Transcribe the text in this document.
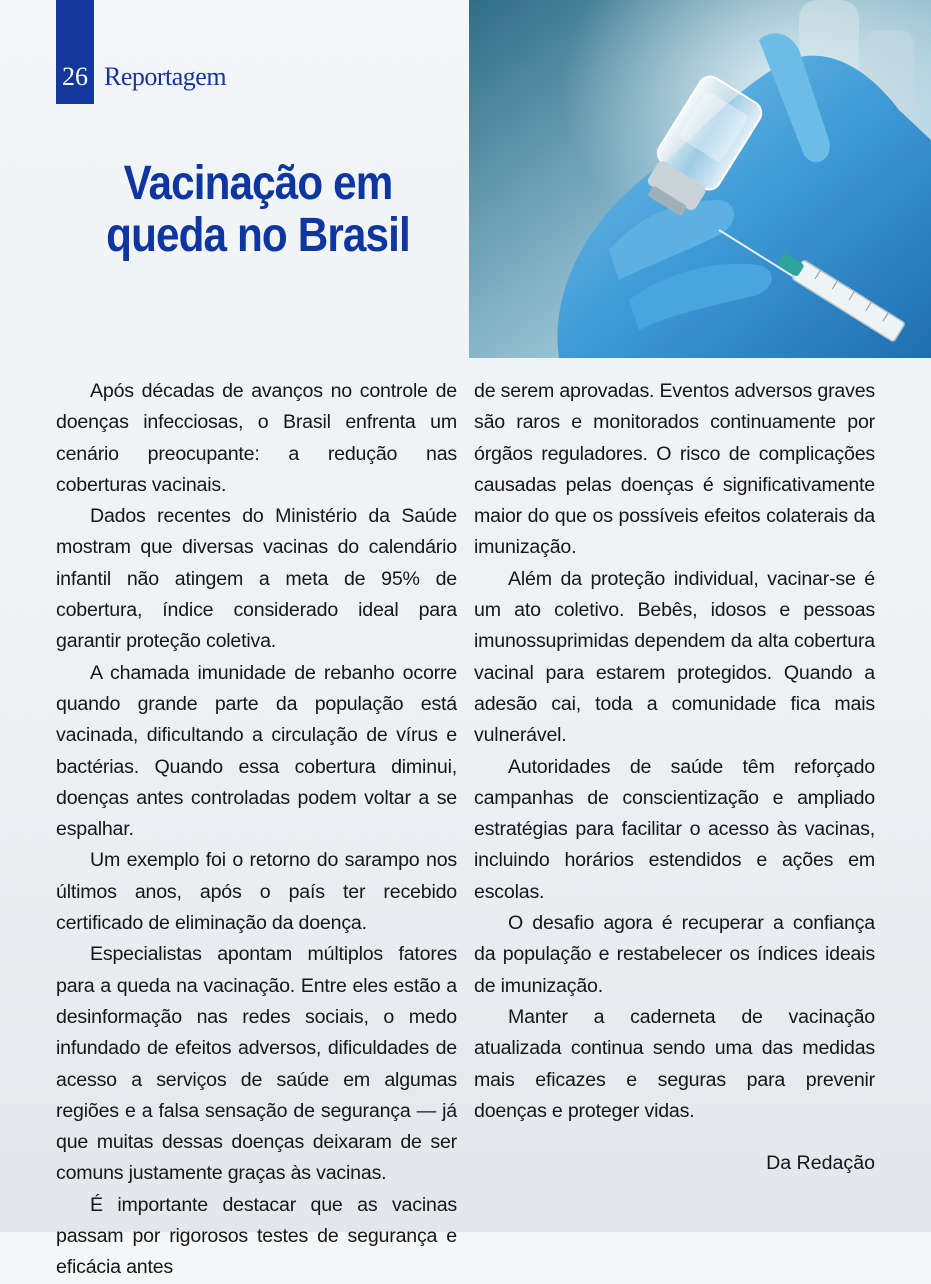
26 Reportagem
Vacinação em queda no Brasil

Após décadas de avanços no controle de doenças infecciosas, o Brasil enfrenta um cenário preocupante: a redução nas coberturas vacinais.

Dados recentes do Ministério da Saúde mostram que diversas vacinas do calendário infantil não atingem a meta de 95% de cobertura, índice considerado ideal para garantir proteção coletiva.

A chamada imunidade de rebanho ocorre quando grande parte da população está vacinada, dificultando a circulação de vírus e bactérias. Quando essa cobertura diminui, doenças antes controladas podem voltar a se espalhar.

Um exemplo foi o retorno do sarampo nos últimos anos, após o país ter recebido certificado de eliminação da doença.

Especialistas apontam múltiplos fatores para a queda na vacinação. Entre eles estão a desinformação nas redes sociais, o medo infundado de efeitos adversos, dificuldades de acesso a serviços de saúde em algumas regiões e a falsa sensação de segurança — já que muitas dessas doenças deixaram de ser comuns justamente graças às vacinas.

É importante destacar que as vacinas passam por rigorosos testes de segurança e eficácia antes

de serem aprovadas. Eventos adversos graves são raros e monitorados continuamente por órgãos reguladores. O risco de complicações causadas pelas doenças é significativamente maior do que os possíveis efeitos colaterais da imunização.

Além da proteção individual, vacinar-se é um ato coletivo. Bebês, idosos e pessoas imunossuprimidas dependem da alta cobertura vacinal para estarem protegidos. Quando a adesão cai, toda a comunidade fica mais vulnerável.

Autoridades de saúde têm reforçado campanhas de conscientização e ampliado estratégias para facilitar o acesso às vacinas, incluindo horários estendidos e ações em escolas.

O desafio agora é recuperar a confiança da população e restabelecer os índices ideais de imunização.

Manter a caderneta de vacinação atualizada continua sendo uma das medidas mais eficazes e seguras para prevenir doenças e proteger vidas.

Da Redação
